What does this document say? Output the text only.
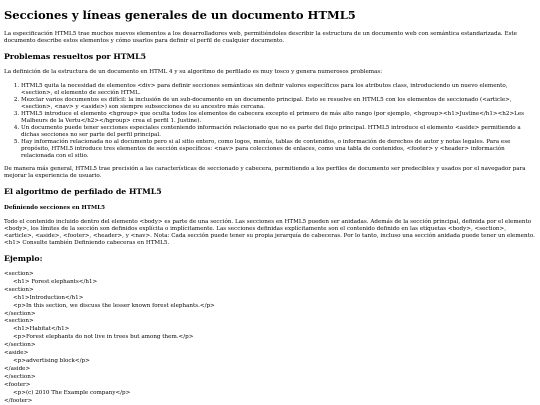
Secciones y líneas generales de un documento HTML5

La especificación HTML5 trae muchos nuevos elementos a los desarrolladores web, permitiéndoles describir la estructura de un documento web con semántica estandarizada. Este documento describe estos elementos y cómo usarlos para definir el perfil de cualquier documento.

Problemas resueltos por HTML5

La definición de la estructura de un documento en HTML 4 y su algoritmo de perfilado es muy tosco y genera numerosos problemas:

1. HTML5 quita la necesidad de elementos <div> para definir secciones semánticas sin definir valores específicos para los atributos class, introduciendo un nuevo elemento, <section>, el elemento de sección HTML.
2. Mezclar varios documentos es difícil: la inclusión de un sub-documento en un documento principal. Esto se resuelve en HTML5 con los elementos de seccionado (<article>, <section>, <nav> y <aside>) son siempre subsecciones de su ancestro más cercana.
3. HTML5 introduce el elemento <hgroup> que oculta todos los elementos de cabecera excepto el primero de más alto rango (por ejemplo, <hgroup><h1>Justine</h1><h2>Les Malheurs de la Vertu</h2></hgroup> crea el perfil 1. Justine).
4. Un documento puede tener secciones especiales conteniendo información relacionado que no es parte del flujo principal. HTML5 introduce el elemento <aside> permitiendo a dichas secciones no ser parte del perfil principal.
5. Hay información relacionada no al documento pero si al sitio entero, como logos, menús, tablas de contenidos, o información de derechos de autor y notas legales. Para ese propósito, HTML5 introduce tres elementos de sección específicos: <nav> para colecciones de enlaces, como una tabla de contenidos, <footer> y <header> información relacionada con el sitio.

De manera más general, HTML5 trae precisión a las características de seccionado y cabecera, permitiendo a los perfiles de documento ser predecibles y usados por el navegador para mejorar la experiencia de usuario.

El algoritmo de perfilado de HTML5
Definiendo secciones en HTML5

Todo el contenido incluido dentro del elemento <body> es parte de una sección. Las secciones en HTML5 pueden ser anidadas. Además de la sección principal, definida por el elemento <body>, los límites de la sección son definidos explícita o implícitamente. Las secciones definidas explícitamente son el contenido definido en las etiquetas <body>, <section>, <article>, <aside>, <footer>, <header>, y <nav>. Nota: Cada sección puede tener su propia jerarquía de cabeceras. Por lo tanto, incluso una sección anidada puede tener un elemento. <h1> Consulte también Definiendo cabeceras en HTML5.

Ejemplo:
<section>
<h1> Forest elephants</h1>
<section>
<h1>Introduction</h1>
<p>In this section, we discuss the lesser known forest elephants.</p>
</section>
<section>
<h1>Habitat</h1>
<p>Forest elephants do not live in trees but among them.</p>
</section>
<aside>
<p>advertising block</p>
</aside>
</section>
<footer>
<p>(c) 2010 The Example company</p>
</footer>
